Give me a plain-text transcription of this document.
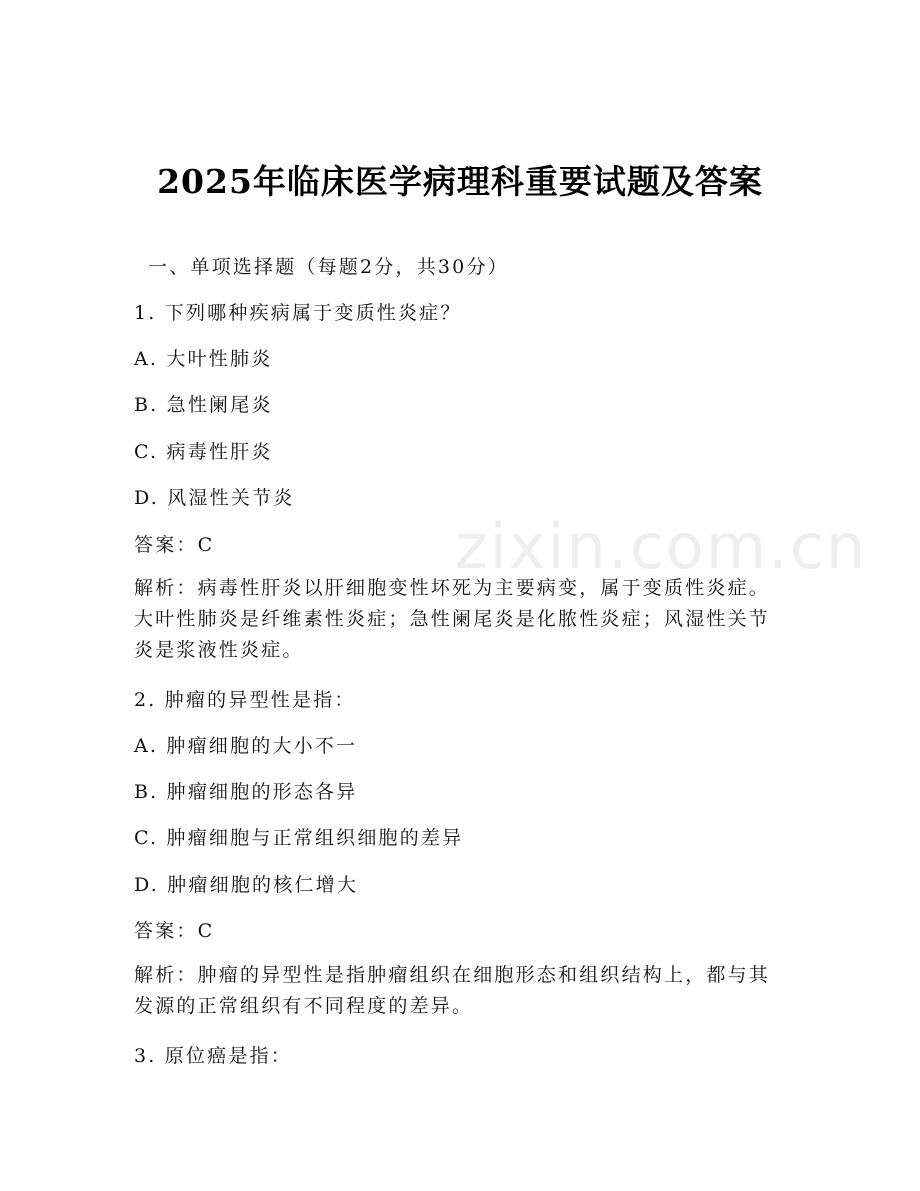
zixin.com.cn
2025年临床医学病理科重要试题及答案
一、单项选择题（每题2分，共30分）
1. 下列哪种疾病属于变质性炎症？
A. 大叶性肺炎
B. 急性阑尾炎
C. 病毒性肝炎
D. 风湿性关节炎
答案：C
解析：病毒性肝炎以肝细胞变性坏死为主要病变，属于变质性炎症。
大叶性肺炎是纤维素性炎症；急性阑尾炎是化脓性炎症；风湿性关节
炎是浆液性炎症。
2. 肿瘤的异型性是指：
A. 肿瘤细胞的大小不一
B. 肿瘤细胞的形态各异
C. 肿瘤细胞与正常组织细胞的差异
D. 肿瘤细胞的核仁增大
答案：C
解析：肿瘤的异型性是指肿瘤组织在细胞形态和组织结构上，都与其
发源的正常组织有不同程度的差异。
3. 原位癌是指：
